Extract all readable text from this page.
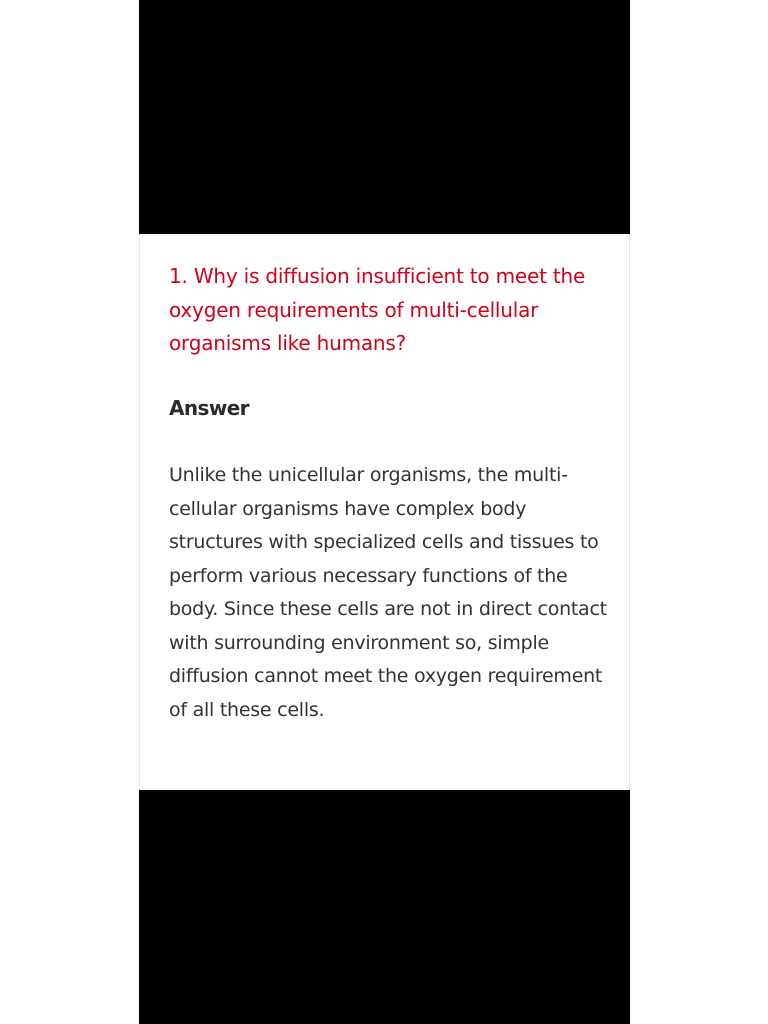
1. Why is diffusion insufficient to meet the oxygen requirements of multi-cellular organisms like humans?
Answer

Unlike the unicellular organisms, the multi-cellular organisms have complex body structures with specialized cells and tissues to perform various necessary functions of the body. Since these cells are not in direct contact with surrounding environment so, simple diffusion cannot meet the oxygen requirement of all these cells.
